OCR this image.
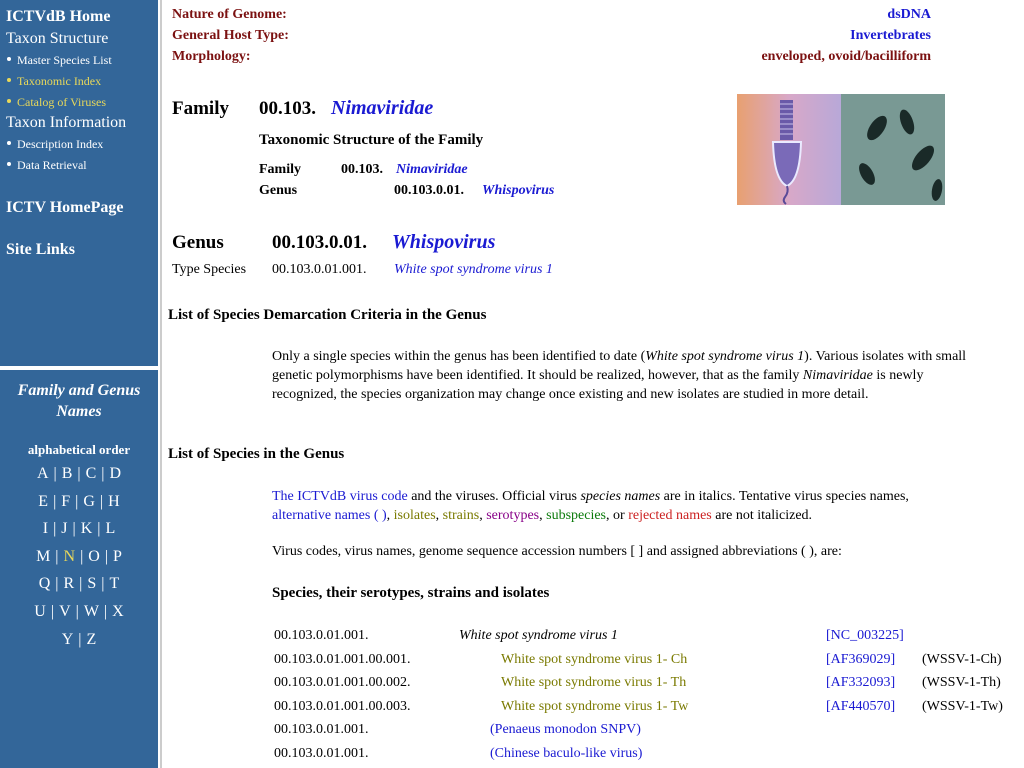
ICTVdB Home
Taxon Structure
Master Species List
Taxonomic Index
Catalog of Viruses
Taxon Information
Description Index
Data Retrieval
ICTV HomePage
Site Links
Family and Genus
Names
alphabetical order
A | B | C | D
E | F | G | H
I | J | K | L
M | N | O | P
Q | R | S | T
U | V | W | X
Y | Z
Nature of Genome:	dsDNA
General Host Type:	Invertebrates
Morphology:	enveloped, ovoid/bacilliform
Family 00.103. Nimaviridae
Taxonomic Structure of the Family
Family	00.103. Nimaviridae
Genus	00.103.0.01. Whispovirus
Genus	00.103.0.01. Whispovirus
Type Species 00.103.0.01.001. White spot syndrome virus 1
List of Species Demarcation Criteria in the Genus
Only a single species within the genus has been identified to date (White spot syndrome virus 1). Various isolates with small genetic polymorphisms have been identified. It should be realized, however, that as the family Nimaviridae is newly recognized, the species organization may change once existing and new isolates are studied in more detail.
List of Species in the Genus
The ICTVdB virus code and the viruses. Official virus species names are in italics. Tentative virus species names, alternative names ( ), isolates, strains, serotypes, subspecies, or rejected names are not italicized.
Virus codes, virus names, genome sequence accession numbers [ ] and assigned abbreviations ( ), are:
Species, their serotypes, strains and isolates
00.103.0.01.001.	White spot syndrome virus 1	[NC_003225]
00.103.0.01.001.00.001.	White spot syndrome virus 1- Ch	[AF369029] (WSSV-1-Ch)
00.103.0.01.001.00.002.	White spot syndrome virus 1- Th	[AF332093] (WSSV-1-Th)
00.103.0.01.001.00.003.	White spot syndrome virus 1- Tw	[AF440570] (WSSV-1-Tw)
00.103.0.01.001.	(Penaeus monodon SNPV)
00.103.0.01.001.	(Chinese baculo-like virus)
